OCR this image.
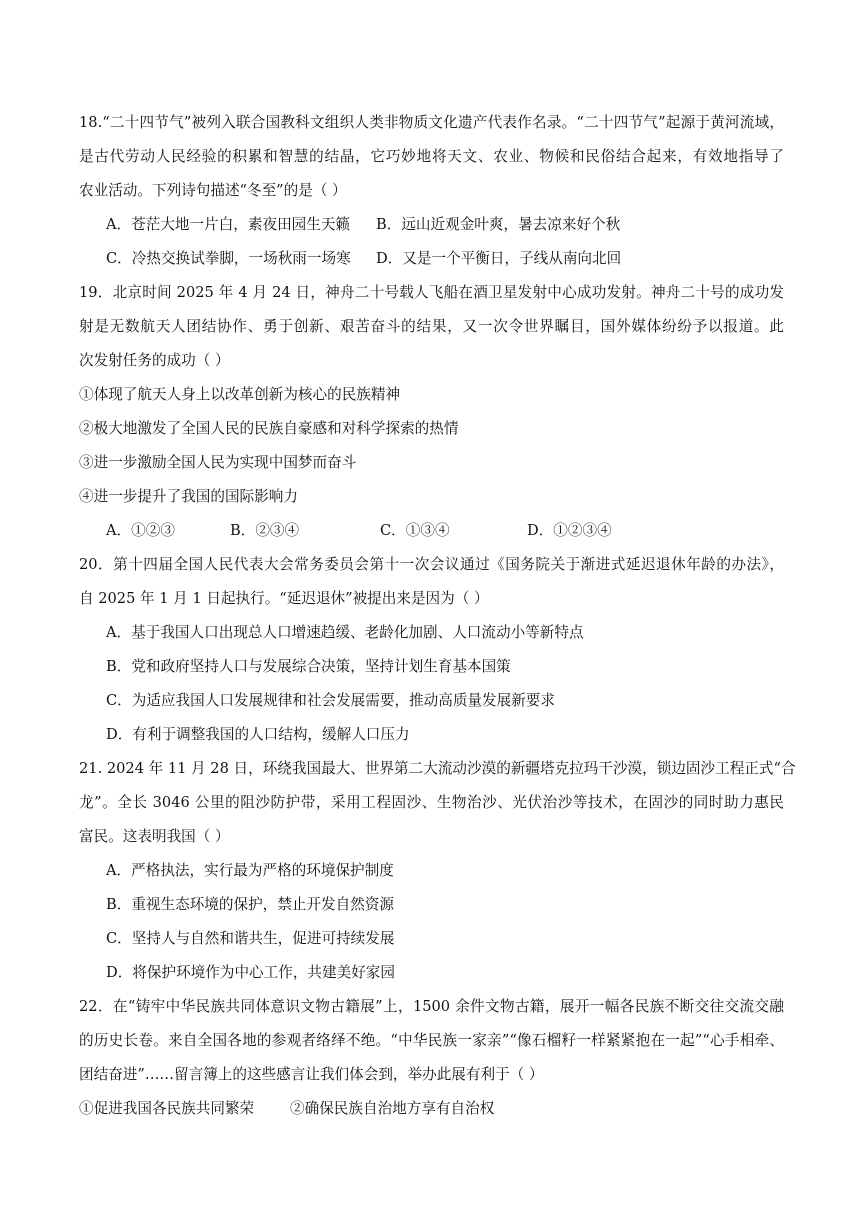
18.“二十四节气”被列入联合国教科文组织人类非物质文化遗产代表作名录。“二十四节气”起源于黄河流域，
是古代劳动人民经验的积累和智慧的结晶，它巧妙地将天文、农业、物候和民俗结合起来，有效地指导了
农业活动。下列诗句描述“冬至”的是（ ）
A．苍茫大地一片白，素夜田园生天籁	B．远山近观金叶爽，暑去凉来好个秋
C．冷热交换试拳脚，一场秋雨一场寒	D．又是一个平衡日，子线从南向北回
19．北京时间 2025 年 4 月 24 日，神舟二十号载人飞船在酒卫星发射中心成功发射。神舟二十号的成功发
射是无数航天人团结协作、勇于创新、艰苦奋斗的结果，又一次令世界瞩目，国外媒体纷纷予以报道。此
次发射任务的成功（ ）
①体现了航天人身上以改革创新为核心的民族精神
②极大地激发了全国人民的民族自豪感和对科学探索的热情
③进一步激励全国人民为实现中国梦而奋斗
④进一步提升了我国的国际影响力
A．①②③	B．②③④	C．①③④	D．①②③④
20．第十四届全国人民代表大会常务委员会第十一次会议通过《国务院关于渐进式延迟退休年龄的办法》，
自 2025 年 1 月 1 日起执行。“延迟退休”被提出来是因为（ ）
A．基于我国人口出现总人口增速趋缓、老龄化加剧、人口流动小等新特点
B．党和政府坚持人口与发展综合决策，坚持计划生育基本国策
C．为适应我国人口发展规律和社会发展需要，推动高质量发展新要求
D．有利于调整我国的人口结构，缓解人口压力
21. 2024 年 11 月 28 日，环绕我国最大、世界第二大流动沙漠的新疆塔克拉玛干沙漠，锁边固沙工程正式“合
龙”。全长 3046 公里的阻沙防护带，采用工程固沙、生物治沙、光伏治沙等技术，在固沙的同时助力惠民
富民。这表明我国（ ）
A．严格执法，实行最为严格的环境保护制度
B．重视生态环境的保护，禁止开发自然资源
C．坚持人与自然和谐共生，促进可持续发展
D．将保护环境作为中心工作，共建美好家园
22．在“铸牢中华民族共同体意识文物古籍展”上，1500 余件文物古籍，展开一幅各民族不断交往交流交融
的历史长卷。来自全国各地的参观者络绎不绝。“中华民族一家亲”“像石榴籽一样紧紧抱在一起”“心手相牵、
团结奋进”……留言簿上的这些感言让我们体会到，举办此展有利于（ ）
①促进我国各民族共同繁荣	②确保民族自治地方享有自治权
